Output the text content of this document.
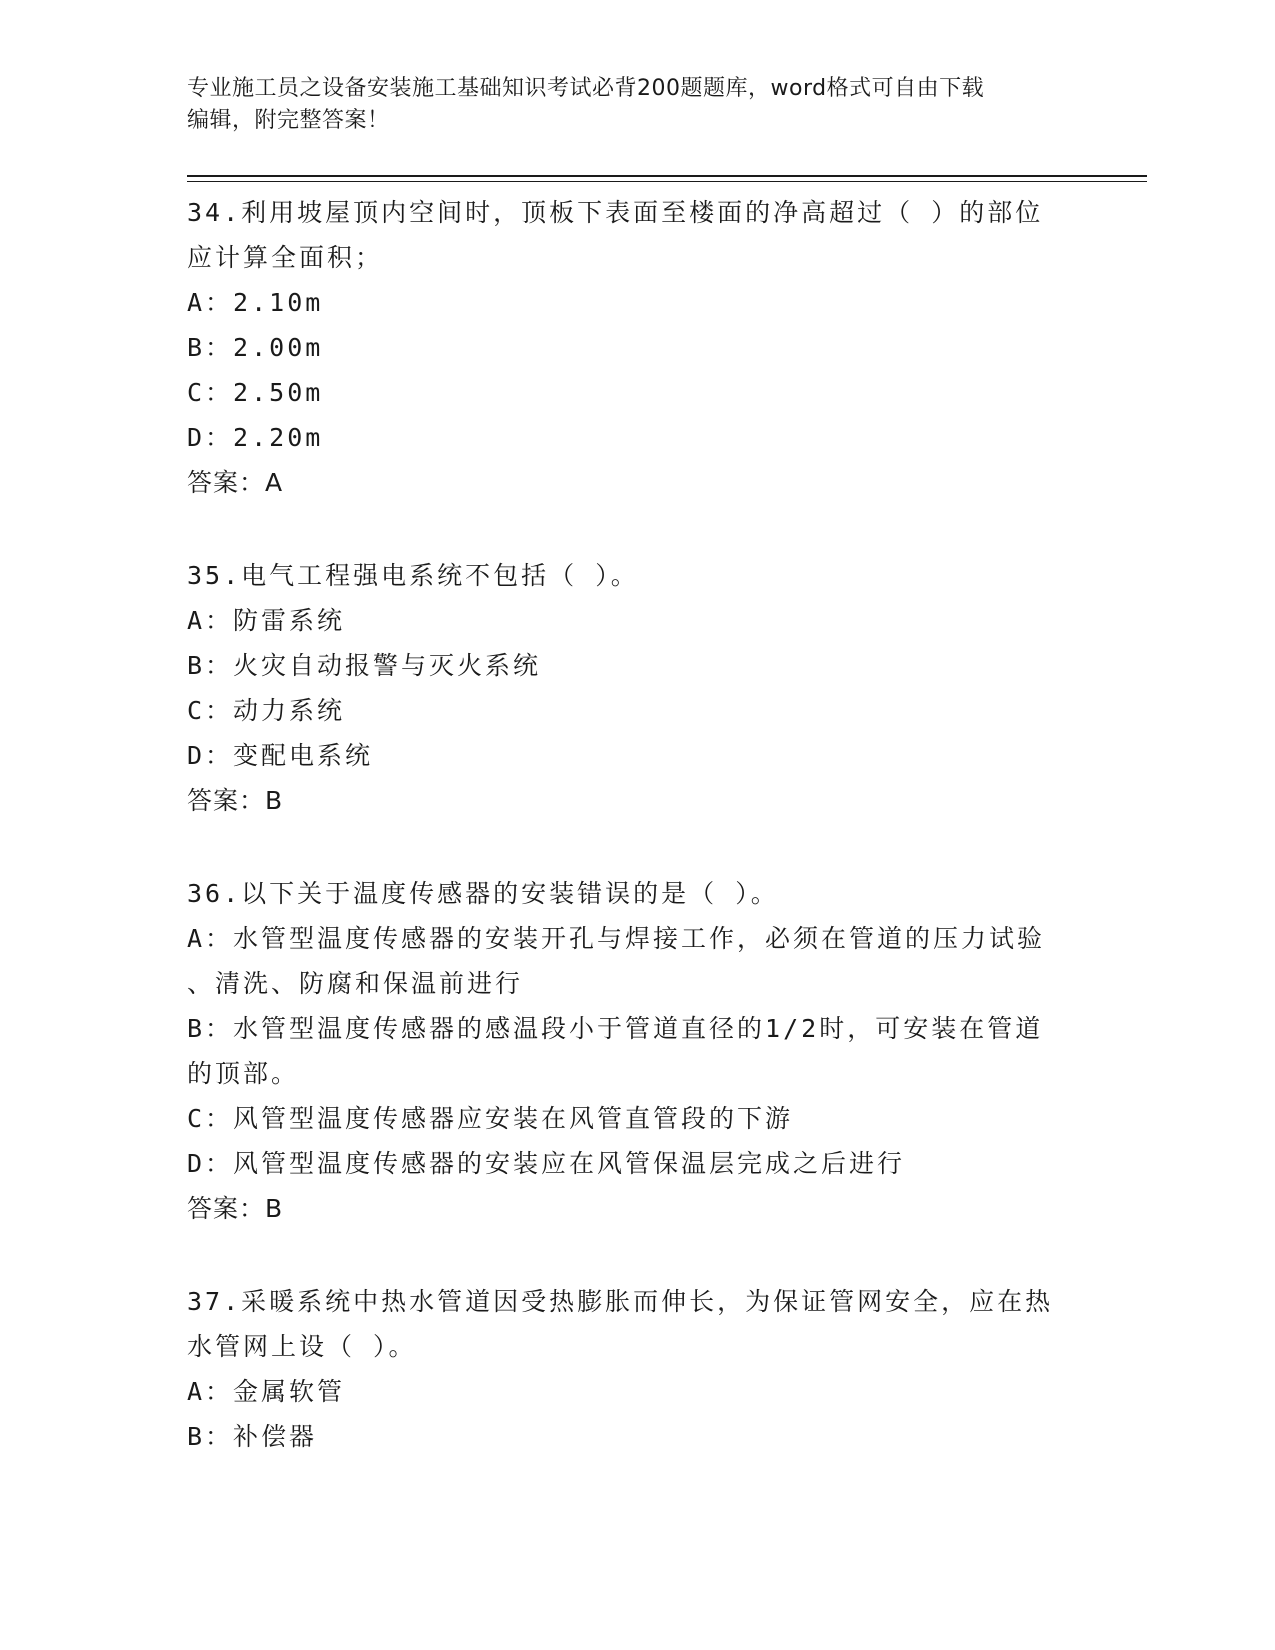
专业施工员之设备安装施工基础知识考试必背200题题库，word格式可自由下载
编辑，附完整答案！
34.利用坡屋顶内空间时，顶板下表面至楼面的净高超过（ ）的部位
应计算全面积；
A：2.10m
B：2.00m
C：2.50m
D：2.20m
答案：A
35.电气工程强电系统不包括（ ）。
A：防雷系统
B：火灾自动报警与灭火系统
C：动力系统
D：变配电系统
答案：B
36.以下关于温度传感器的安装错误的是（ ）。
A：水管型温度传感器的安装开孔与焊接工作，必须在管道的压力试验
、清洗、防腐和保温前进行
B：水管型温度传感器的感温段小于管道直径的1/2时，可安装在管道
的顶部。
C：风管型温度传感器应安装在风管直管段的下游
D：风管型温度传感器的安装应在风管保温层完成之后进行
答案：B
37.采暖系统中热水管道因受热膨胀而伸长，为保证管网安全，应在热
水管网上设（ ）。
A：金属软管
B：补偿器
